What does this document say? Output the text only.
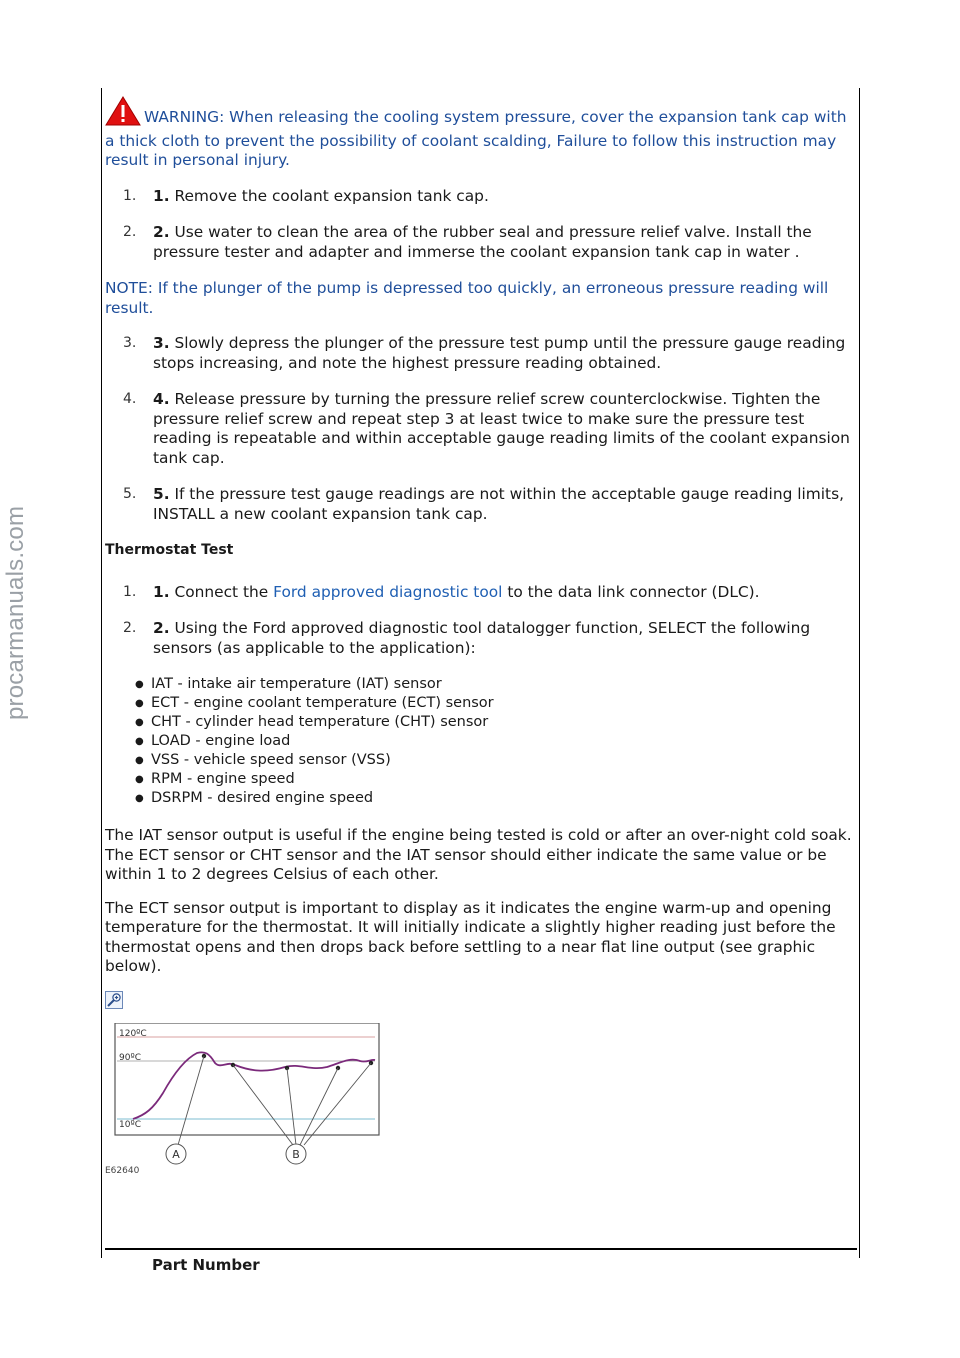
procarmanuals.com
WARNING: When releasing the cooling system pressure, cover the expansion tank cap with a thick cloth to prevent the possibility of coolant scalding, Failure to follow this instruction may result in personal injury.
1. 1. Remove the coolant expansion tank cap.
2. 2. Use water to clean the area of the rubber seal and pressure relief valve. Install the pressure tester and adapter and immerse the coolant expansion tank cap in water .
NOTE: If the plunger of the pump is depressed too quickly, an erroneous pressure reading will result.
3. 3. Slowly depress the plunger of the pressure test pump until the pressure gauge reading stops increasing, and note the highest pressure reading obtained.
4. 4. Release pressure by turning the pressure relief screw counterclockwise. Tighten the pressure relief screw and repeat step 3 at least twice to make sure the pressure test reading is repeatable and within acceptable gauge reading limits of the coolant expansion tank cap.
5. 5. If the pressure test gauge readings are not within the acceptable gauge reading limits, INSTALL a new coolant expansion tank cap.
Thermostat Test
1. 1. Connect the Ford approved diagnostic tool to the data link connector (DLC).
2. 2. Using the Ford approved diagnostic tool datalogger function, SELECT the following sensors (as applicable to the application):
● IAT - intake air temperature (IAT) sensor
● ECT - engine coolant temperature (ECT) sensor
● CHT - cylinder head temperature (CHT) sensor
● LOAD - engine load
● VSS - vehicle speed sensor (VSS)
● RPM - engine speed
● DSRPM - desired engine speed

The IAT sensor output is useful if the engine being tested is cold or after an over-night cold soak. The ECT sensor or CHT sensor and the IAT sensor should either indicate the same value or be within 1 to 2 degrees Celsius of each other.

The ECT sensor output is important to display as it indicates the engine warm-up and opening temperature for the thermostat. It will initially indicate a slightly higher reading just before the thermostat opens and then drops back before settling to a near flat line output (see graphic below).

120ºC
90ºC
10ºC
A	B
E62640
Part Number
